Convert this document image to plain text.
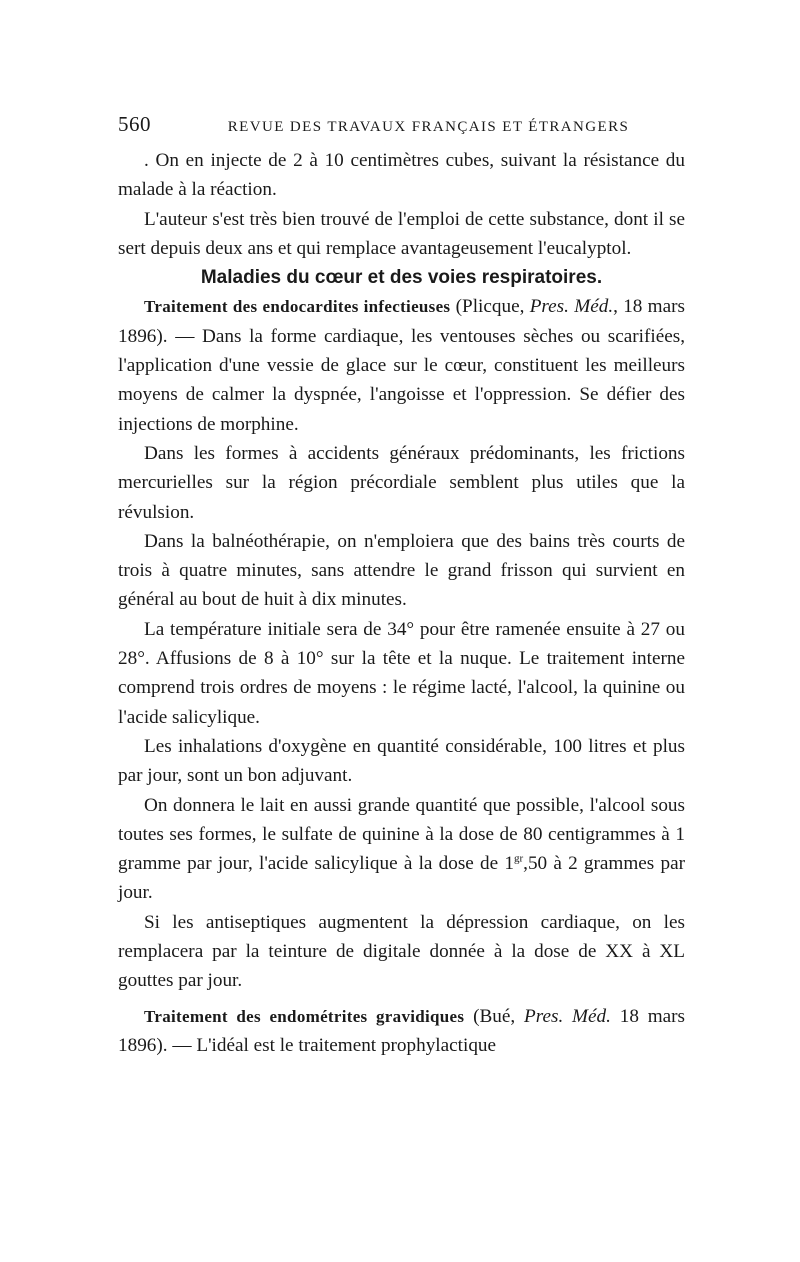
560	REVUE DES TRAVAUX FRANÇAIS ET ÉTRANGERS

. On en injecte de 2 à 10 centimètres cubes, suivant la résistance du malade à la réaction.

L'auteur s'est très bien trouvé de l'emploi de cette substance, dont il se sert depuis deux ans et qui remplace avantageusement l'eucalyptol.

Maladies du cœur et des voies respiratoires.

Traitement des endocardites infectieuses (Plicque, Pres. Méd., 18 mars 1896). — Dans la forme cardiaque, les ventouses sèches ou scarifiées, l'application d'une vessie de glace sur le cœur, constituent les meilleurs moyens de calmer la dyspnée, l'angoisse et l'oppression. Se défier des injections de morphine.

Dans les formes à accidents généraux prédominants, les frictions mercurielles sur la région précordiale semblent plus utiles que la révulsion.

Dans la balnéothérapie, on n'emploiera que des bains très courts de trois à quatre minutes, sans attendre le grand frisson qui survient en général au bout de huit à dix minutes.

La température initiale sera de 34° pour être ramenée ensuite à 27 ou 28°. Affusions de 8 à 10° sur la tête et la nuque. Le traitement interne comprend trois ordres de moyens : le régime lacté, l'alcool, la quinine ou l'acide salicylique.

Les inhalations d'oxygène en quantité considérable, 100 litres et plus par jour, sont un bon adjuvant.

On donnera le lait en aussi grande quantité que possible, l'alcool sous toutes ses formes, le sulfate de quinine à la dose de 80 centigrammes à 1 gramme par jour, l'acide salicylique à la dose de $1^{gr},50$ à 2 grammes par jour.

Si les antiseptiques augmentent la dépression cardiaque, on les remplacera par la teinture de digitale donnée à la dose de XX à XL gouttes par jour.

Traitement des endométrites gravidiques (Bué, Pres. Méd. 18 mars 1896). — L'idéal est le traitement prophylactique
